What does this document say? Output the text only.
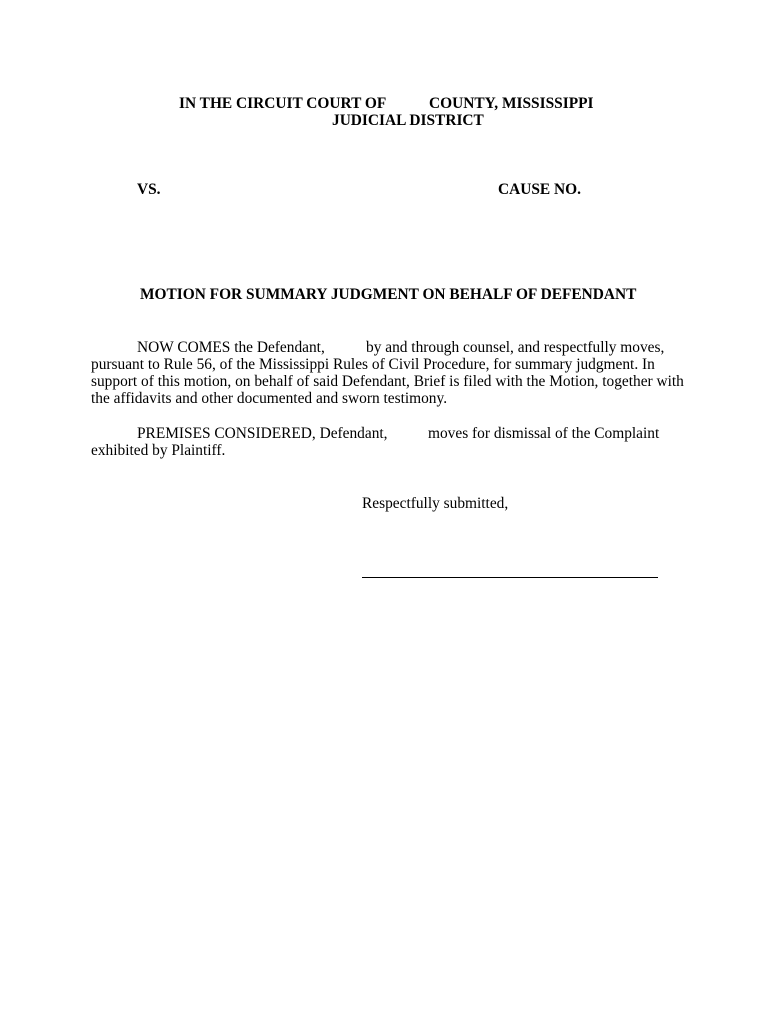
IN THE CIRCUIT COURT OF	COUNTY, MISSISSIPPI
JUDICIAL DISTRICT
VS.	CAUSE NO.
MOTION FOR SUMMARY JUDGMENT ON BEHALF OF DEFENDANT
NOW COMES the Defendant,	by and through counsel, and respectfully moves,
pursuant to Rule 56, of the Mississippi Rules of Civil Procedure, for summary judgment. In
support of this motion, on behalf of said Defendant, Brief is filed with the Motion, together with
the affidavits and other documented and sworn testimony.
PREMISES CONSIDERED, Defendant,	moves for dismissal of the Complaint
exhibited by Plaintiff.
Respectfully submitted,
